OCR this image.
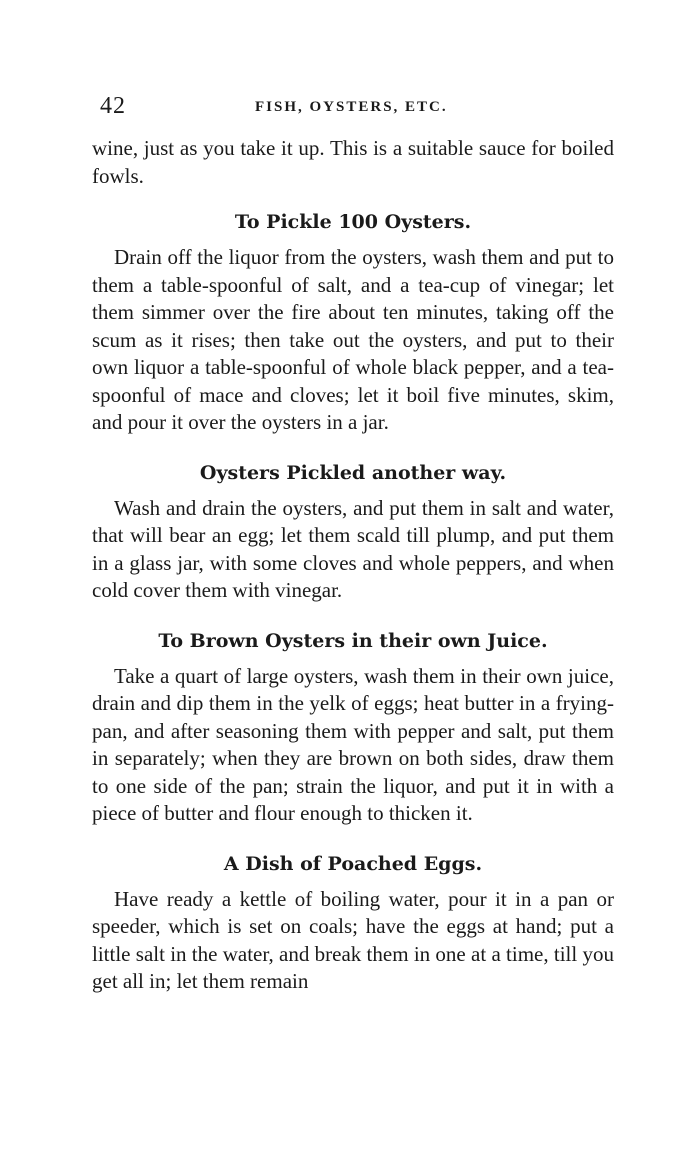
42	FISH, OYSTERS, ETC.

wine, just as you take it up. This is a suitable sauce for boiled fowls.

To Pickle 100 Oysters.

Drain off the liquor from the oysters, wash them and put to them a table-spoonful of salt, and a tea-cup of vinegar; let them simmer over the fire about ten minutes, taking off the scum as it rises; then take out the oysters, and put to their own liquor a table-spoonful of whole black pepper, and a tea-spoonful of mace and cloves; let it boil five minutes, skim, and pour it over the oysters in a jar.

Oysters Pickled another way.

Wash and drain the oysters, and put them in salt and water, that will bear an egg; let them scald till plump, and put them in a glass jar, with some cloves and whole peppers, and when cold cover them with vinegar.

To Brown Oysters in their own Juice.

Take a quart of large oysters, wash them in their own juice, drain and dip them in the yelk of eggs; heat butter in a frying-pan, and after seasoning them with pepper and salt, put them in separately; when they are brown on both sides, draw them to one side of the pan; strain the liquor, and put it in with a piece of butter and flour enough to thicken it.

A Dish of Poached Eggs.

Have ready a kettle of boiling water, pour it in a pan or speeder, which is set on coals; have the eggs at hand; put a little salt in the water, and break them in one at a time, till you get all in; let them remain
